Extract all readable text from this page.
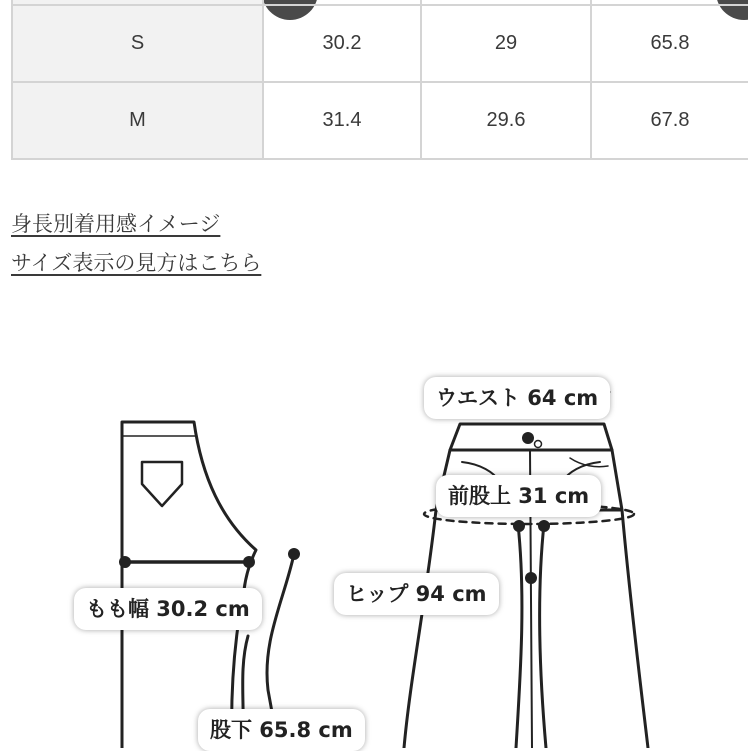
S	30.2	29	65.8
M	31.4	29.6	67.8
身長別着用感イメージ
サイズ表示の見方はこちら
ウエスト 64 cm
前股上 31 cm
ヒップ 94 cm
もも幅 30.2 cm
股下 65.8 cm
